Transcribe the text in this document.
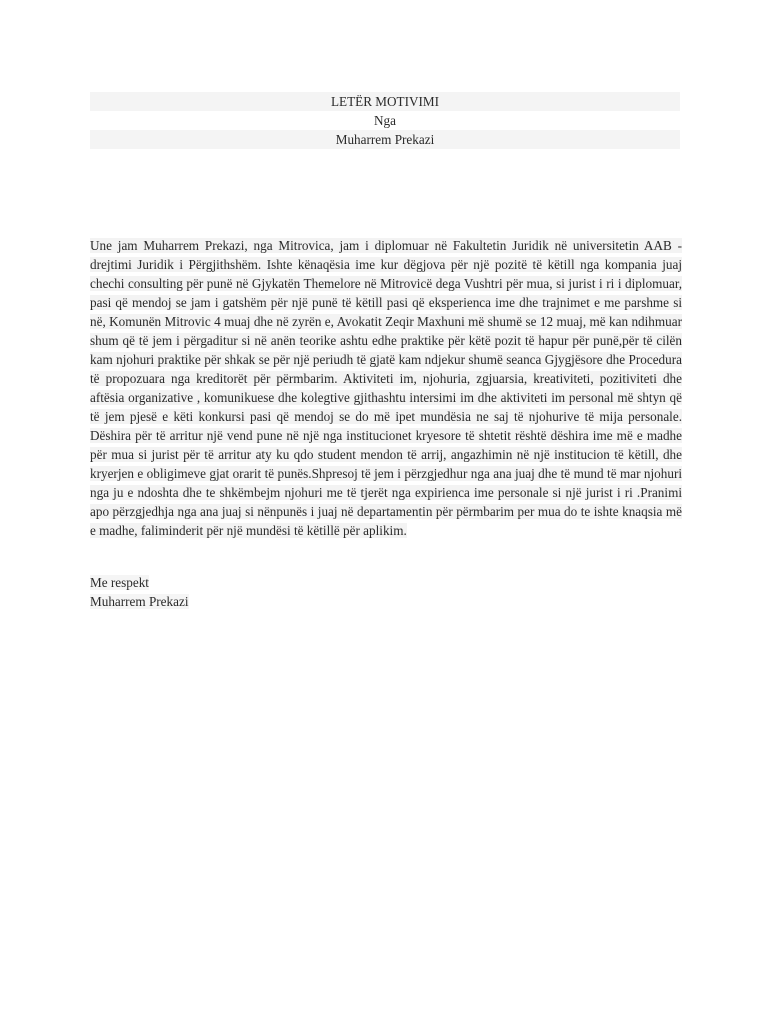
LETËR MOTIVIMI
Nga
Muharrem Prekazi
Une jam Muharrem Prekazi, nga Mitrovica, jam i diplomuar në Fakultetin Juridik në universitetin AAB - drejtimi Juridik i Përgjithshëm. Ishte kënaqësia ime kur dëgjova për një pozitë të këtill nga kompania juaj chechi consulting për punë në Gjykatën Themelore në Mitrovicë dega Vushtri për mua, si jurist i ri i diplomuar, pasi që mendoj se jam i gatshëm për një punë të këtill pasi që eksperienca ime dhe trajnimet e me parshme si në, Komunën Mitrovic 4 muaj dhe në zyrën e, Avokatit Zeqir Maxhuni më shumë se 12 muaj, më kan ndihmuar shum që të jem i përgaditur si në anën teorike ashtu edhe praktike për këtë pozit të hapur për punë,për të cilën kam njohuri praktike për shkak se për një periudh të gjatë kam ndjekur shumë seanca Gjygjësore dhe Procedura të propozuara nga kreditorët për përmbarim. Aktiviteti im, njohuria, zgjuarsia, kreativiteti, pozitiviteti dhe aftësia organizative , komunikuese dhe kolegtive gjithashtu intersimi im dhe aktiviteti im personal më shtyn që të jem pjesë e këti konkursi pasi që mendoj se do më ipet mundësia ne saj të njohurive të mija personale. Dëshira për të arritur një vend pune në një nga institucionet kryesore të shtetit rështë dëshira ime më e madhe për mua si jurist për të arritur aty ku qdo student mendon të arrij, angazhimin në një institucion të këtill, dhe kryerjen e obligimeve gjat orarit të punës.Shpresoj të jem i përzgjedhur nga ana juaj dhe të mund të mar njohuri nga ju e ndoshta dhe te shkëmbejm njohuri me të tjerët nga expirienca ime personale si një jurist i ri .Pranimi apo përzgjedhja nga ana juaj si nënpunës i juaj në departamentin për përmbarim per mua do te ishte knaqsia më e madhe, faliminderit për një mundësi të këtillë për aplikim.
Me respekt
Muharrem Prekazi
